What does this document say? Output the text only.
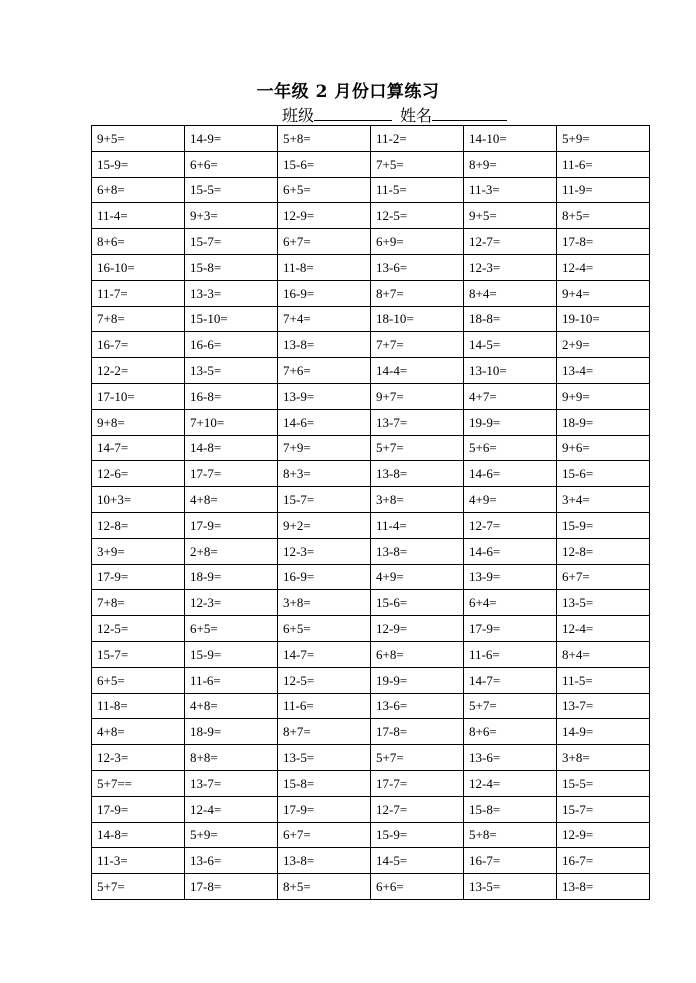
一年级 2 月份口算练习
班级	姓名
9+5=	14-9=	5+8=	11-2=	14-10=	5+9=
15-9=	6+6=	15-6=	7+5=	8+9=	11-6=
6+8=	15-5=	6+5=	11-5=	11-3=	11-9=
11-4=	9+3=	12-9=	12-5=	9+5=	8+5=
8+6=	15-7=	6+7=	6+9=	12-7=	17-8=
16-10=	15-8=	11-8=	13-6=	12-3=	12-4=
11-7=	13-3=	16-9=	8+7=	8+4=	9+4=
7+8=	15-10=	7+4=	18-10=	18-8=	19-10=
16-7=	16-6=	13-8=	7+7=	14-5=	2+9=
12-2=	13-5=	7+6=	14-4=	13-10=	13-4=
17-10=	16-8=	13-9=	9+7=	4+7=	9+9=
9+8=	7+10=	14-6=	13-7=	19-9=	18-9=
14-7=	14-8=	7+9=	5+7=	5+6=	9+6=
12-6=	17-7=	8+3=	13-8=	14-6=	15-6=
10+3=	4+8=	15-7=	3+8=	4+9=	3+4=
12-8=	17-9=	9+2=	11-4=	12-7=	15-9=
3+9=	2+8=	12-3=	13-8=	14-6=	12-8=
17-9=	18-9=	16-9=	4+9=	13-9=	6+7=
7+8=	12-3=	3+8=	15-6=	6+4=	13-5=
12-5=	6+5=	6+5=	12-9=	17-9=	12-4=
15-7=	15-9=	14-7=	6+8=	11-6=	8+4=
6+5=	11-6=	12-5=	19-9=	14-7=	11-5=
11-8=	4+8=	11-6=	13-6=	5+7=	13-7=
4+8=	18-9=	8+7=	17-8=	8+6=	14-9=
12-3=	8+8=	13-5=	5+7=	13-6=	3+8=
5+7==	13-7=	15-8=	17-7=	12-4=	15-5=
17-9=	12-4=	17-9=	12-7=	15-8=	15-7=
14-8=	5+9=	6+7=	15-9=	5+8=	12-9=
11-3=	13-6=	13-8=	14-5=	16-7=	16-7=
5+7=	17-8=	8+5=	6+6=	13-5=	13-8=
